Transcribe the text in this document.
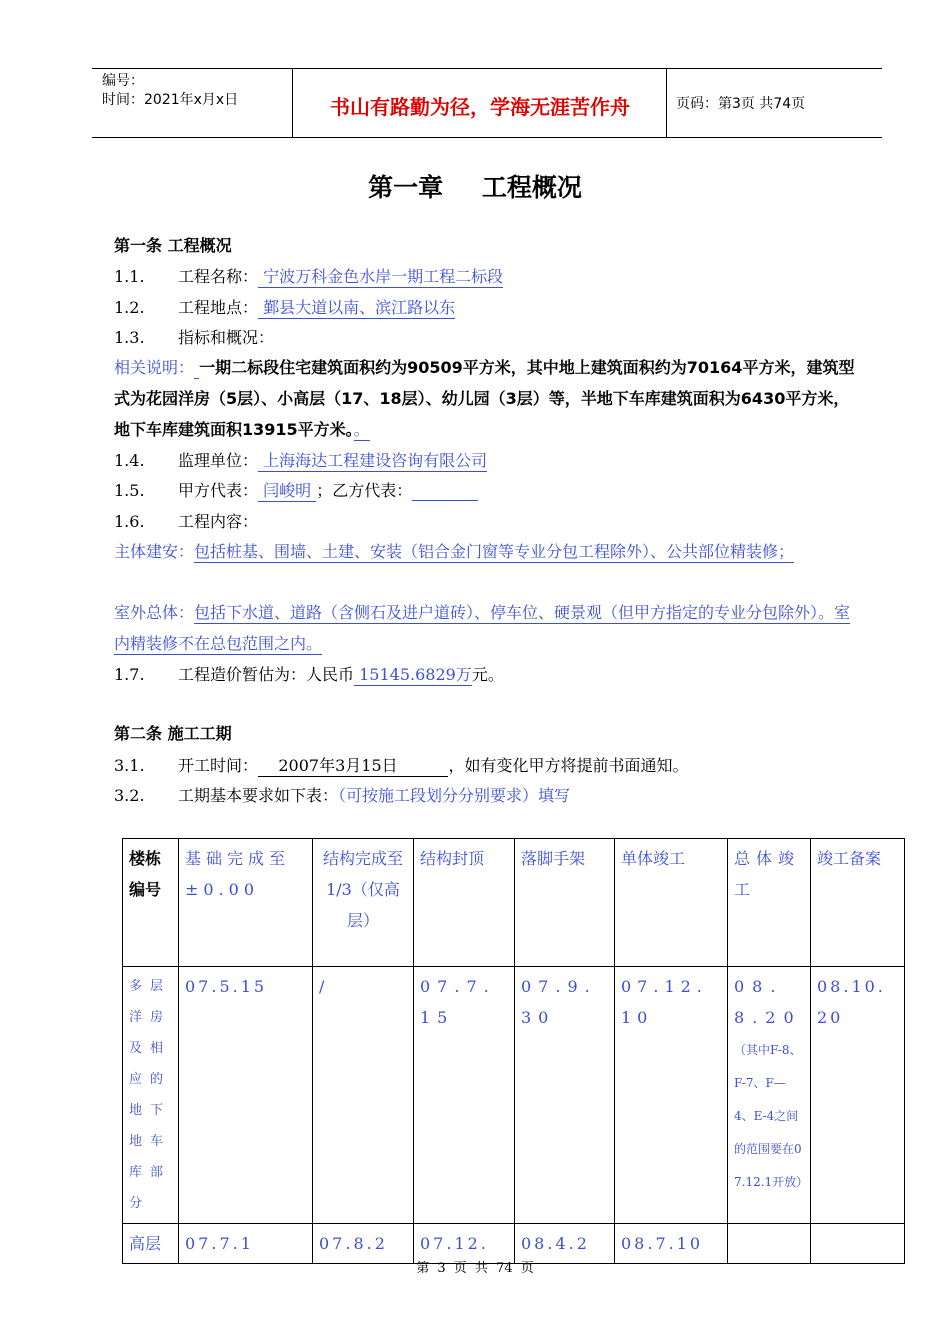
编号：
时间：2021年x月x日	书山有路勤为径，学海无涯苦作舟	页码：第3页 共74页
第一章 工程概况
第一条 工程概况
1.1. 工程名称： 宁波万科金色水岸一期工程二标段
1.2. 工程地点： 鄞县大道以南、滨江路以东
1.3. 指标和概况：
相关说明： 一期二标段住宅建筑面积约为90509平方米，其中地上建筑面积约为70164平方米，建筑型式为花园洋房（5层）、小高层（17、18层）、幼儿园（3层）等，半地下车库建筑面积为6430平方米，地下车库建筑面积13915平方米。。
1.4. 监理单位： 上海海达工程建设咨询有限公司
1.5. 甲方代表： 闫峻明 ；乙方代表：
1.6. 工程内容：
主体建安：包括桩基、围墙、土建、安装（铝合金门窗等专业分包工程除外）、公共部位精装修；
室外总体：包括下水道、道路（含侧石及进户道砖）、停车位、硬景观（但甲方指定的专业分包除外）。室内精装修不在总包范围之内。
1.7. 工程造价暂估为：人民币 15145.6829万元。
第二条 施工工期
3.1. 开工时间：    2007年3月15日          ，如有变化甲方将提前书面通知。
3.2. 工期基本要求如下表：（可按施工段划分分别要求）填写
楼栋编号	基础完成至±0.00	结构完成至1/3（仅高层）	结构封顶	落脚手架	单体竣工	总体竣工	竣工备案
多层洋房及相应的地下地车库部分	07.5.15	/	07.7.15	07.9.30	07.12.10	08.8.20 （其中F-8、F-7、F—4、E-4之间的范围要在07.12.1开放）	08.10.20
高层	07.7.1	07.8.2	07.12.	08.4.2	08.7.10		
第 3 页 共 74 页
